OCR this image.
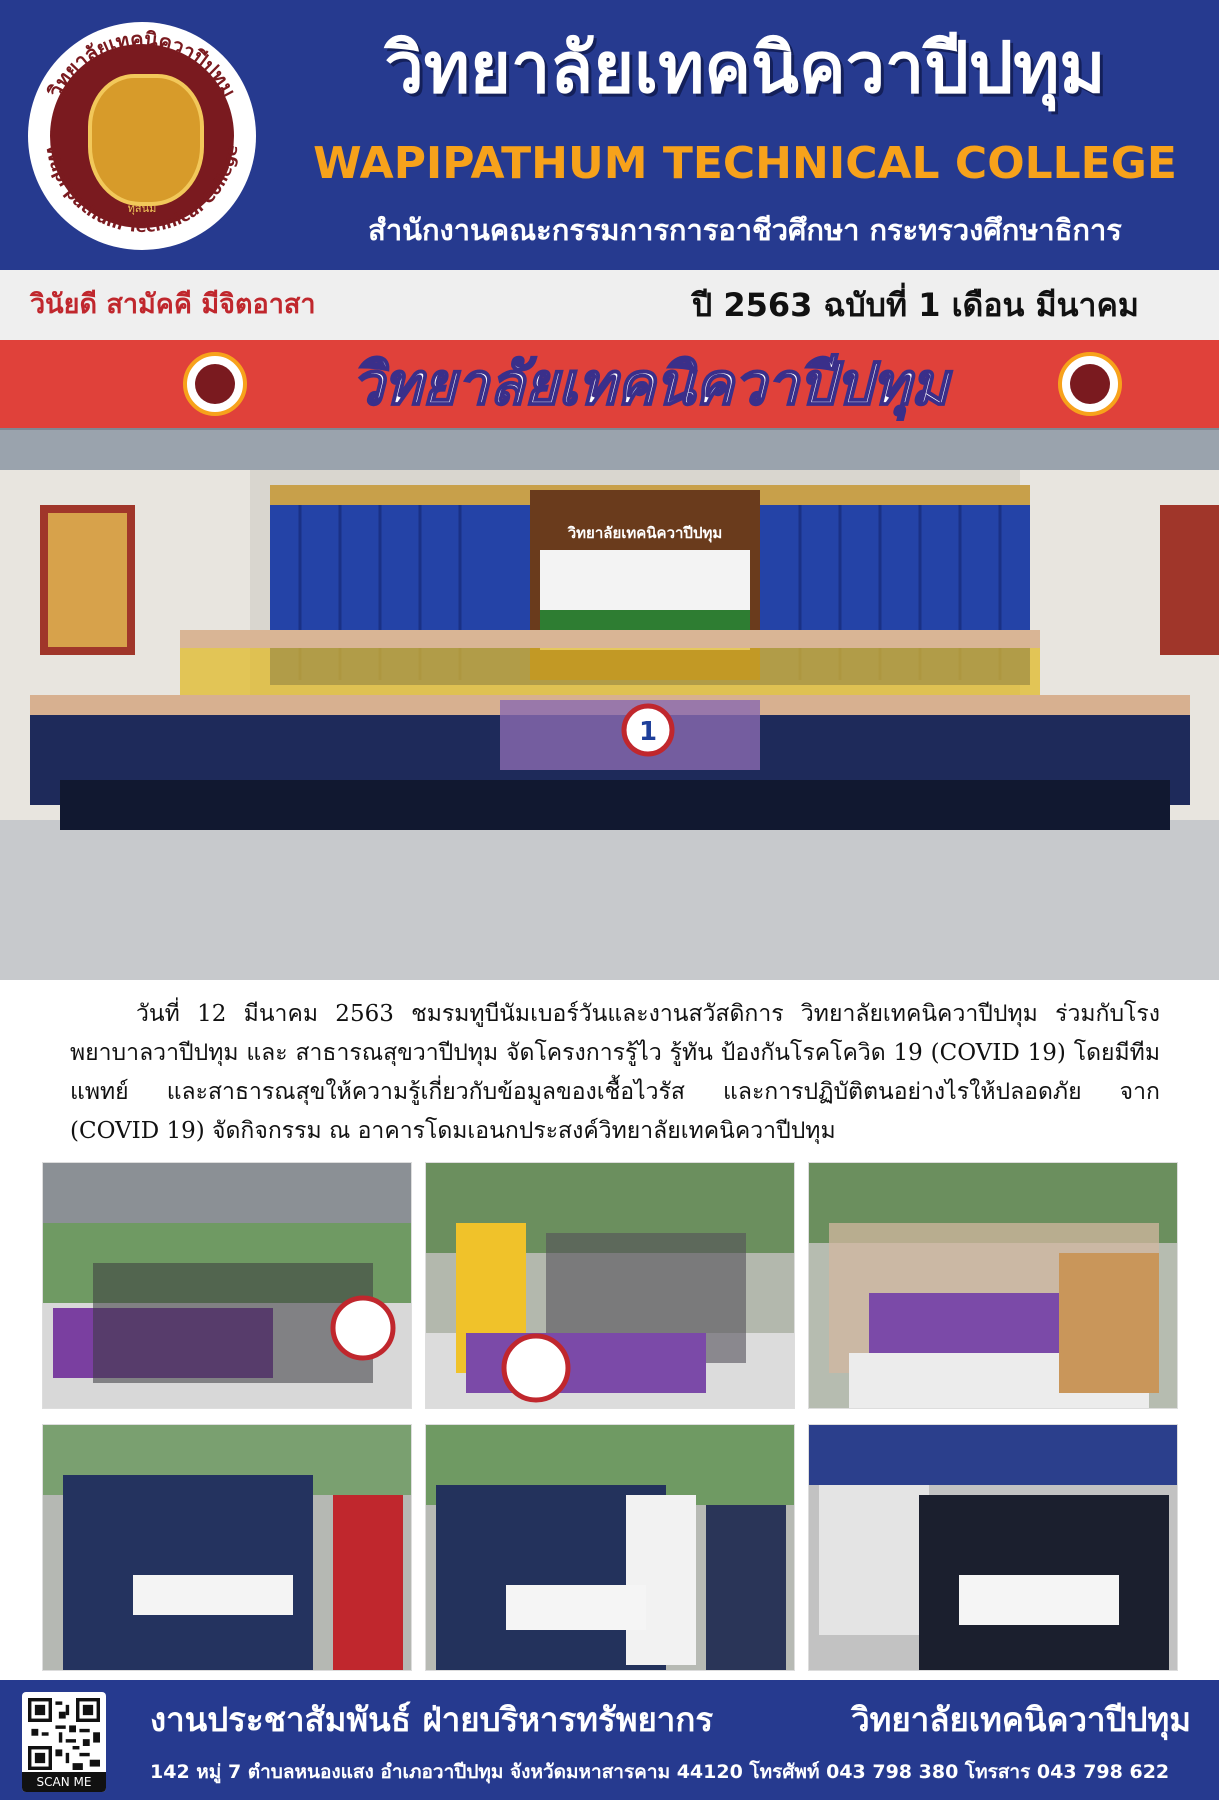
วิทยาลัยเทคนิควาปีปทุม
Wapi pathum Technical College
ทุสนิม
วิทยาลัยเทคนิควาปีปทุม
WAPIPATHUM TECHNICAL COLLEGE
สำนักงานคณะกรรมการการอาชีวศึกษา กระทรวงศึกษาธิการ
วินัยดี สามัคคี มีจิตอาสา	ปี 2563 ฉบับที่ 1 เดือน มีนาคม
วิทยาลัยเทคนิควาปีปทุม
วิทยาลัยเทคนิควาปีปทุม
1

วันที่ 12 มีนาคม 2563 ชมรมทูบีนัมเบอร์วันและงานสวัสดิการ วิทยาลัยเทคนิควาปีปทุม ร่วมกับโรงพยาบาลวาปีปทุม และ สาธารณสุขวาปีปทุม จัดโครงการรู้ไว รู้ทัน ป้องกันโรคโควิด 19 (COVID 19) โดยมีทีมแพทย์ และสาธารณสุขให้ความรู้เกี่ยวกับข้อมูลของเชื้อไวรัส และการปฏิบัติตนอย่างไรให้ปลอดภัย จาก (COVID 19) จัดกิจกรรม ณ อาคารโดมเอนกประสงค์วิทยาลัยเทคนิควาปีปทุม

SCAN ME
งานประชาสัมพันธ์ ฝ่ายบริหารทรัพยากร	วิทยาลัยเทคนิควาปีปทุม
142 หมู่ 7 ตำบลหนองแสง อำเภอวาปีปทุม จังหวัดมหาสารคาม 44120 โทรศัพท์ 043 798 380 โทรสาร 043 798 622
